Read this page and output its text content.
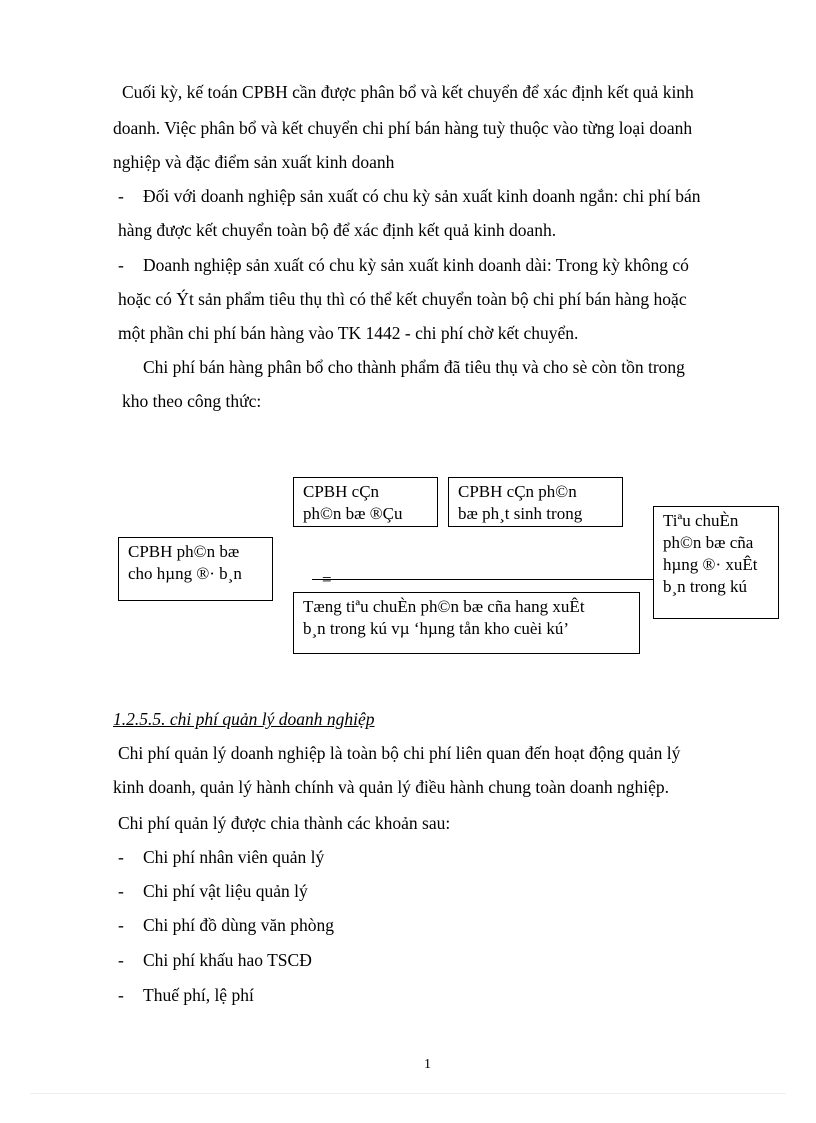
Cuối kỳ, kế toán CPBH cần được phân bổ và kết chuyển để xác định kết quả kinh

doanh. Việc phân bổ và kết chuyển chi phí bán hàng tuỳ thuộc vào từng loại doanh

nghiệp và đặc điểm sản xuất kinh doanh

- Đối với doanh nghiệp sản xuất có chu kỳ sản xuất kinh doanh ngắn: chi phí bán

hàng được kết chuyển toàn bộ để xác định kết quả kinh doanh.

- Doanh nghiệp sản xuất có chu kỳ sản xuất kinh doanh dài: Trong kỳ không có

hoặc có Ýt sản phẩm tiêu thụ thì có thể kết chuyển toàn bộ chi phí bán hàng hoặc

một phần chi phí bán hàng vào TK 1442 - chi phí chờ kết chuyển.

Chi phí bán hàng phân bổ cho thành phẩm đã tiêu thụ và cho sè còn tồn trong

kho theo công thức:

CPBH ph©n bæ
cho hµng ®· b¸n
CPBH cÇn
ph©n bæ ®Çu
CPBH cÇn ph©n
bæ ph¸t sinh trong	Tiªu chuÈn
ph©n bæ cña
hµng ®· xuÊt
b¸n trong kú

Tæng tiªu chuÈn ph©n bæ cña hang xuÊt
b¸n trong kú vµ ‘hµng tån kho cuèi kú’

1.2.5.5. chi phí quản lý doanh nghiệp

Chi phí quản lý doanh nghiệp là toàn bộ chi phí liên quan đến hoạt động quản lý

kinh doanh, quản lý hành chính và quản lý điều hành chung toàn doanh nghiệp.

Chi phí quản lý được chia thành các khoản sau:

- Chi phí nhân viên quản lý

- Chi phí vật liệu quản lý

- Chi phí đồ dùng văn phòng

- Chi phí khấu hao TSCĐ

- Thuế phí, lệ phí

1
